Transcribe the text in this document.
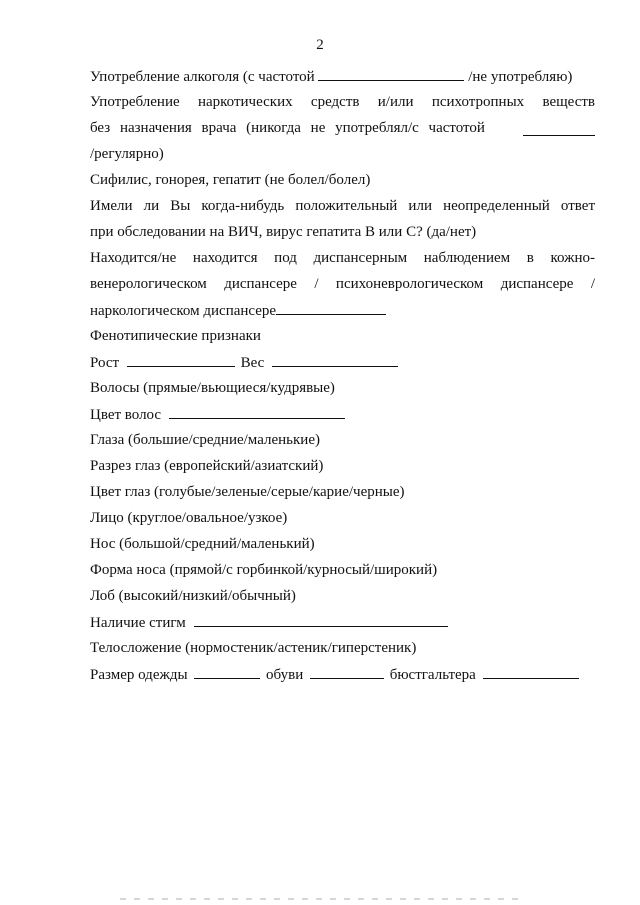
2
Употребление алкоголя (с частотой	/не употребляю)
Употребление наркотических средств и/или психотропных веществ
без назначения врача (никогда не употреблял/с частотой
/регулярно)
Сифилис, гонорея, гепатит (не болел/болел)
Имели ли Вы когда-нибудь положительный или неопределенный ответ
при обследовании на ВИЧ, вирус гепатита В или С? (да/нет)
Находится/не находится под диспансерным наблюдением в кожно-
венерологическом диспансере / психоневрологическом диспансере /
наркологическом диспансере
Фенотипические признаки
Рост	Вес
Волосы (прямые/вьющиеся/кудрявые)
Цвет волос
Глаза (большие/средние/маленькие)
Разрез глаз (европейский/азиатский)
Цвет глаз (голубые/зеленые/серые/карие/черные)
Лицо (круглое/овальное/узкое)
Нос (большой/средний/маленький)
Форма носа (прямой/с горбинкой/курносый/широкий)
Лоб (высокий/низкий/обычный)
Наличие стигм
Телосложение (нормостеник/астеник/гиперстеник)
Размер одежды	обуви	бюстгальтера
